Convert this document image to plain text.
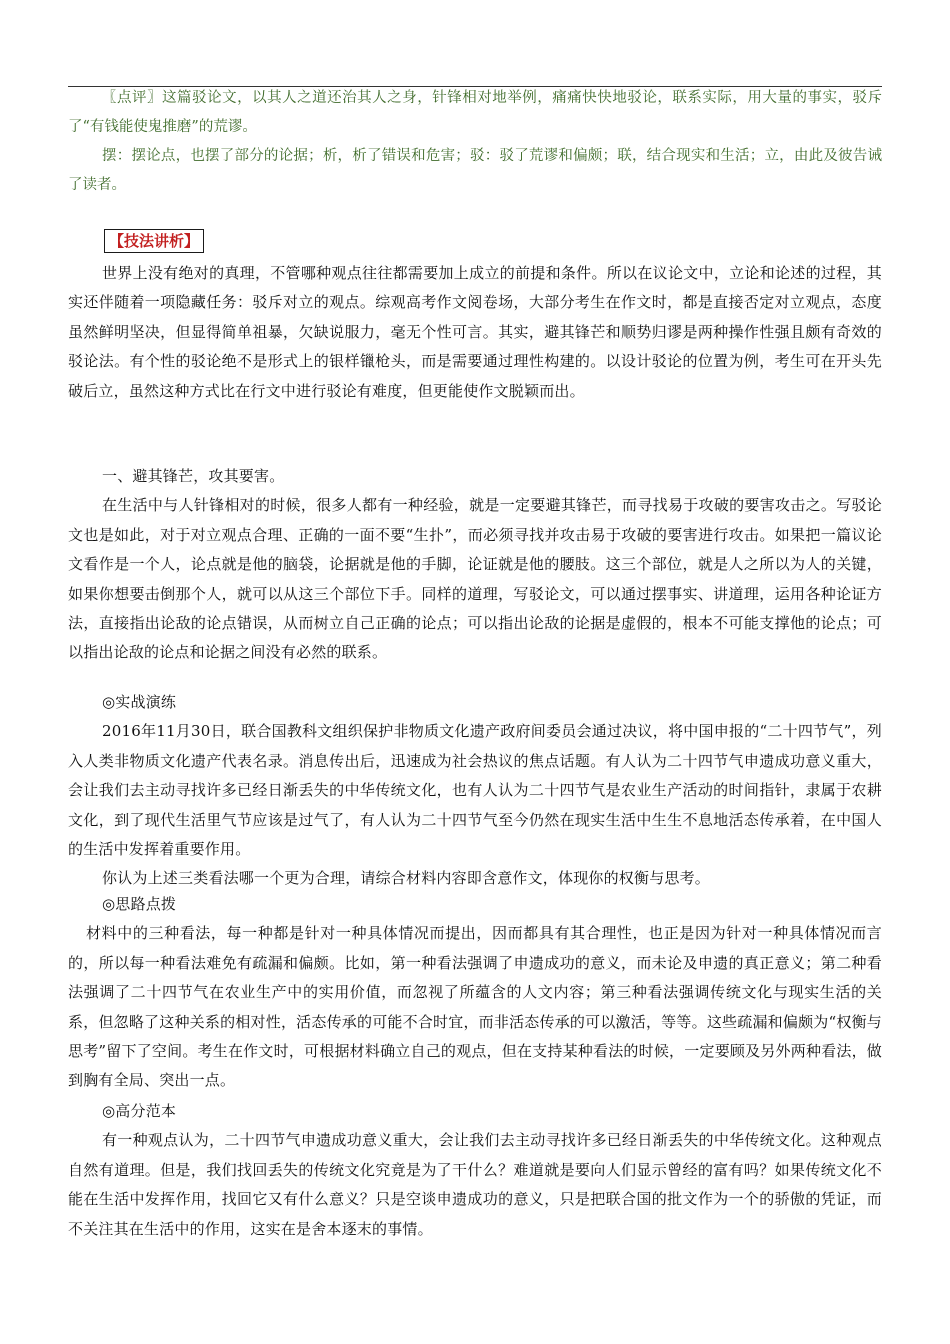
〖点评〗这篇驳论文，以其人之道还治其人之身，针锋相对地举例，痛痛快快地驳论，联系实际，用大量的事实，驳斥了“有钱能使鬼推磨”的荒谬。

摆：摆论点，也摆了部分的论据；析，析了错误和危害；驳：驳了荒谬和偏颇；联，结合现实和生活；立，由此及彼告诫了读者。

【技法讲析】

世界上没有绝对的真理，不管哪种观点往往都需要加上成立的前提和条件。所以在议论文中，立论和论述的过程，其实还伴随着一项隐藏任务：驳斥对立的观点。综观高考作文阅卷场，大部分考生在作文时，都是直接否定对立观点，态度虽然鲜明坚决，但显得简单祖暴，欠缺说服力，毫无个性可言。其实，避其锋芒和顺势归谬是两种操作性强且颇有奇效的驳论法。有个性的驳论绝不是形式上的银样镴枪头，而是需要通过理性构建的。以设计驳论的位置为例，考生可在开头先破后立，虽然这种方式比在行文中进行驳论有难度，但更能使作文脱颖而出。

一、避其锋芒，攻其要害。

在生活中与人针锋相对的时候，很多人都有一种经验，就是一定要避其锋芒，而寻找易于攻破的要害攻击之。写驳论文也是如此，对于对立观点合理、正确的一面不要“生扑”，而必须寻找并攻击易于攻破的要害进行攻击。如果把一篇议论文看作是一个人，论点就是他的脑袋，论据就是他的手脚，论证就是他的腰肢。这三个部位，就是人之所以为人的关键，如果你想要击倒那个人，就可以从这三个部位下手。同样的道理，写驳论文，可以通过摆事实、讲道理，运用各种论证方法，直接指出论敌的论点错误，从而树立自己正确的论点；可以指出论敌的论据是虚假的，根本不可能支撑他的论点；可以指出论敌的论点和论据之间没有必然的联系。

◎实战演练

2016年11月30日，联合国教科文组织保护非物质文化遗产政府间委员会通过决议，将中国申报的“二十四节气”，列入人类非物质文化遗产代表名录。消息传出后，迅速成为社会热议的焦点话题。有人认为二十四节气申遗成功意义重大，会让我们去主动寻找许多已经日渐丢失的中华传统文化，也有人认为二十四节气是农业生产活动的时间指针，隶属于农耕文化，到了现代生活里气节应该是过气了，有人认为二十四节气至今仍然在现实生活中生生不息地活态传承着，在中国人的生活中发挥着重要作用。

你认为上述三类看法哪一个更为合理，请综合材料内容即含意作文，体现你的权衡与思考。

◎思路点拨

材料中的三种看法，每一种都是针对一种具体情况而提出，因而都具有其合理性，也正是因为针对一种具体情况而言的，所以每一种看法难免有疏漏和偏颇。比如，第一种看法强调了申遗成功的意义，而未论及申遗的真正意义；第二种看法强调了二十四节气在农业生产中的实用价值，而忽视了所蕴含的人文内容；第三种看法强调传统文化与现实生活的关系，但忽略了这种关系的相对性，活态传承的可能不合时宜，而非活态传承的可以激活，等等。这些疏漏和偏颇为“权衡与思考”留下了空间。考生在作文时，可根据材料确立自己的观点，但在支持某种看法的时候，一定要顾及另外两种看法，做到胸有全局、突出一点。

◎高分范本

有一种观点认为，二十四节气申遗成功意义重大，会让我们去主动寻找许多已经日渐丢失的中华传统文化。这种观点自然有道理。但是，我们找回丢失的传统文化究竟是为了干什么？难道就是要向人们显示曾经的富有吗？如果传统文化不能在生活中发挥作用，找回它又有什么意义？只是空谈申遗成功的意义，只是把联合国的批文作为一个的骄傲的凭证，而不关注其在生活中的作用，这实在是舍本逐末的事情。
